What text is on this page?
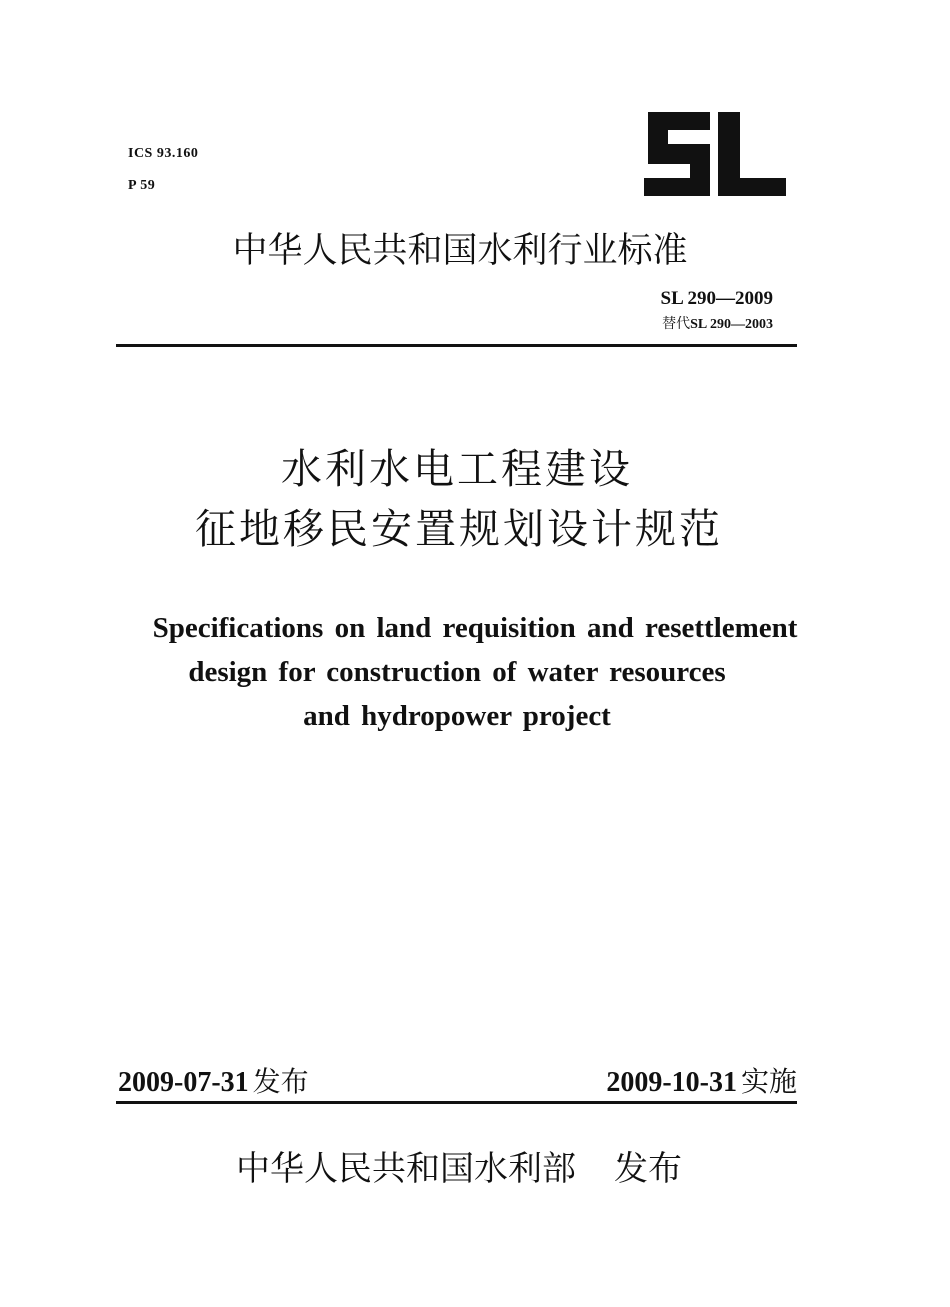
ICS 93.160
P 59
中华人民共和国水利行业标准
SL 290—2009
替代SL 290—2003
水利水电工程建设
征地移民安置规划设计规范
Specifications on land requisition and resettlement
design for construction of water resources
and hydropower project
2009-07-31 发布	2009-10-31 实施
中华人民共和国水利部 发布
